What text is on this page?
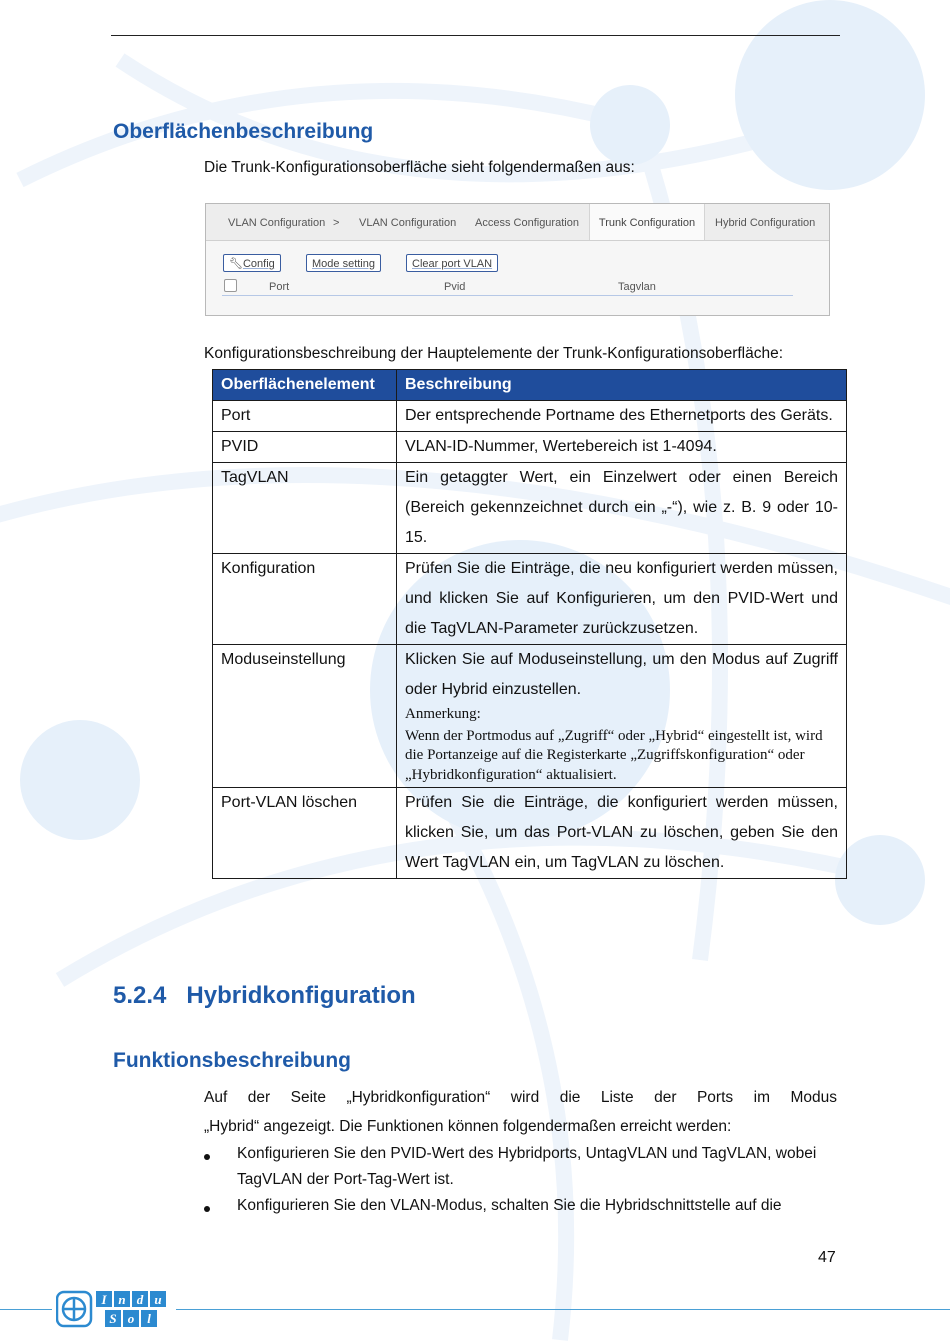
Oberflächenbeschreibung
Die Trunk-Konfigurationsoberfläche sieht folgendermaßen aus:
VLAN Configuration > VLAN Configuration Access Configuration	Trunk Configuration	Hybrid Configuration
🔧︎Config	Mode setting	Clear port VLAN
Port	Pvid	Tagvlan
Konfigurationsbeschreibung der Hauptelemente der Trunk-Konfigurationsoberfläche:
Oberflächenelement	Beschreibung
Port	Der entsprechende Portname des Ethernetports des Geräts.
PVID	VLAN-ID-Nummer, Wertebereich ist 1-4094.
TagVLAN	Ein getaggter Wert, ein Einzelwert oder einen Bereich (Bereich gekennzeichnet durch ein „-“), wie z. B. 9 oder 10-15.
Konfiguration	Prüfen Sie die Einträge, die neu konfiguriert werden müssen, und klicken Sie auf Konfigurieren, um den PVID-Wert und die TagVLAN-Parameter zurückzusetzen.
Moduseinstellung	Klicken Sie auf Moduseinstellung, um den Modus auf Zugriff oder Hybrid einzustellen.
Anmerkung:
Wenn der Portmodus auf „Zugriff“ oder „Hybrid“ eingestellt ist, wird die Portanzeige auf die Registerkarte „Zugriffskonfiguration“ oder „Hybridkonfiguration“ aktualisiert.

Port-VLAN löschen	Prüfen Sie die Einträge, die konfiguriert werden müssen, klicken Sie, um das Port-VLAN zu löschen, geben Sie den Wert TagVLAN ein, um TagVLAN zu löschen.
5.2.4 Hybridkonfiguration
Funktionsbeschreibung
Auf der Seite „Hybridkonfiguration“ wird die Liste der Ports im Modus
„Hybrid“ angezeigt. Die Funktionen können folgendermaßen erreicht werden:
Konfigurieren Sie den PVID-Wert des Hybridports, UntagVLAN und TagVLAN, wobei TagVLAN der Port-Tag-Wert ist.
Konfigurieren Sie den VLAN-Modus, schalten Sie die Hybridschnittstelle auf die
47
I n d u
S o l
